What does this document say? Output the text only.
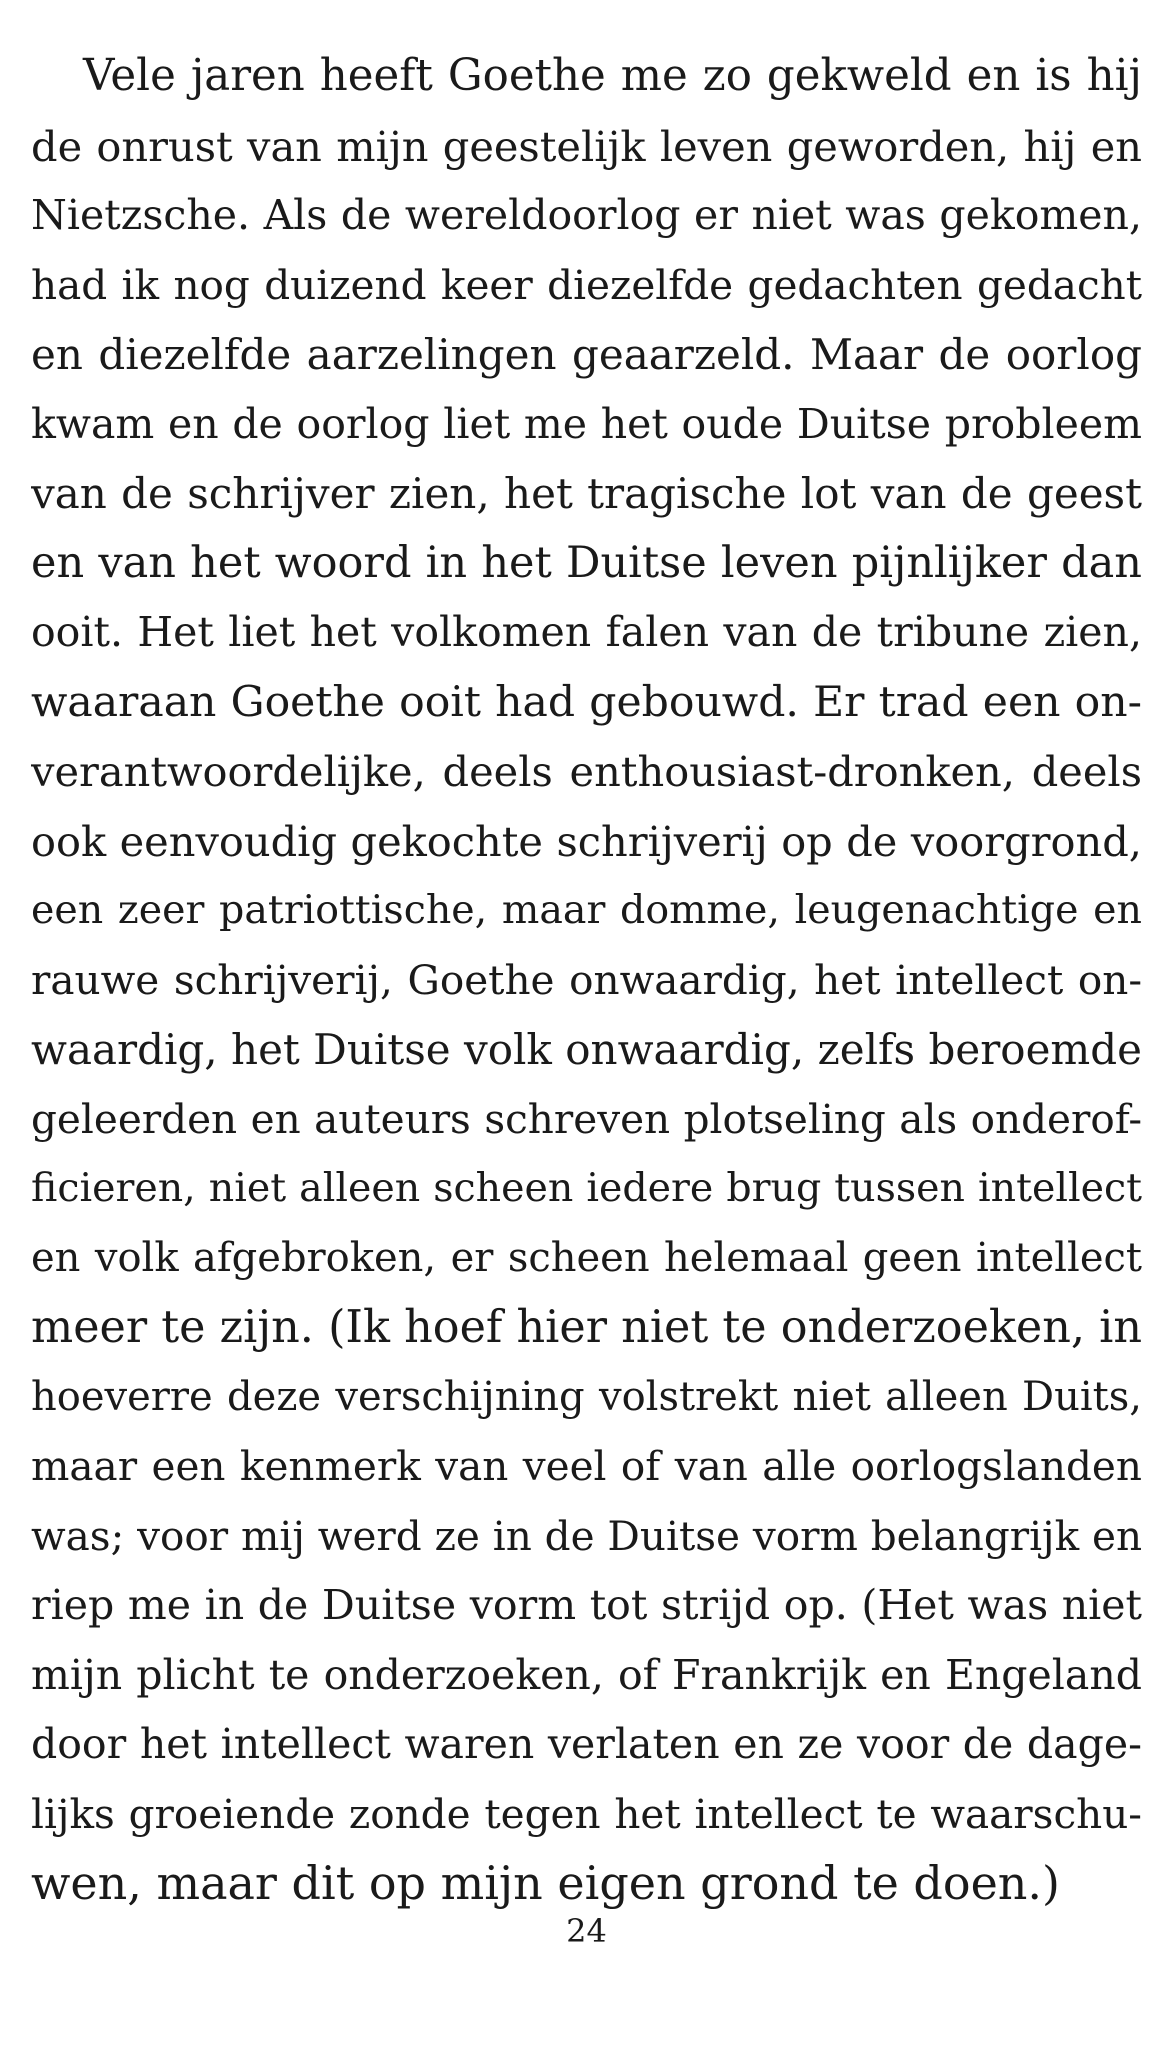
Vele jaren heeft Goethe me zo gekweld en is hij
de onrust van mijn geestelijk leven geworden, hij en
Nietzsche. Als de wereldoorlog er niet was gekomen,
had ik nog duizend keer diezelfde gedachten gedacht
en diezelfde aarzelingen geaarzeld. Maar de oorlog
kwam en de oorlog liet me het oude Duitse probleem
van de schrijver zien, het tragische lot van de geest
en van het woord in het Duitse leven pijnlijker dan
ooit. Het liet het volkomen falen van de tribune zien,
waaraan Goethe ooit had gebouwd. Er trad een on-
verantwoordelijke, deels enthousiast-dronken, deels
ook eenvoudig gekochte schrijverij op de voorgrond,
een zeer patriottische, maar domme, leugenachtige en
rauwe schrijverij, Goethe onwaardig, het intellect on-
waardig, het Duitse volk onwaardig, zelfs beroemde
geleerden en auteurs schreven plotseling als onderof-
ficieren, niet alleen scheen iedere brug tussen intellect
en volk afgebroken, er scheen helemaal geen intellect
meer te zijn. (Ik hoef hier niet te onderzoeken, in
hoeverre deze verschijning volstrekt niet alleen Duits,
maar een kenmerk van veel of van alle oorlogslanden
was; voor mij werd ze in de Duitse vorm belangrijk en
riep me in de Duitse vorm tot strijd op. (Het was niet
mijn plicht te onderzoeken, of Frankrijk en Engeland
door het intellect waren verlaten en ze voor de dage-
lijks groeiende zonde tegen het intellect te waarschu-
wen, maar dit op mijn eigen grond te doen.)
24
